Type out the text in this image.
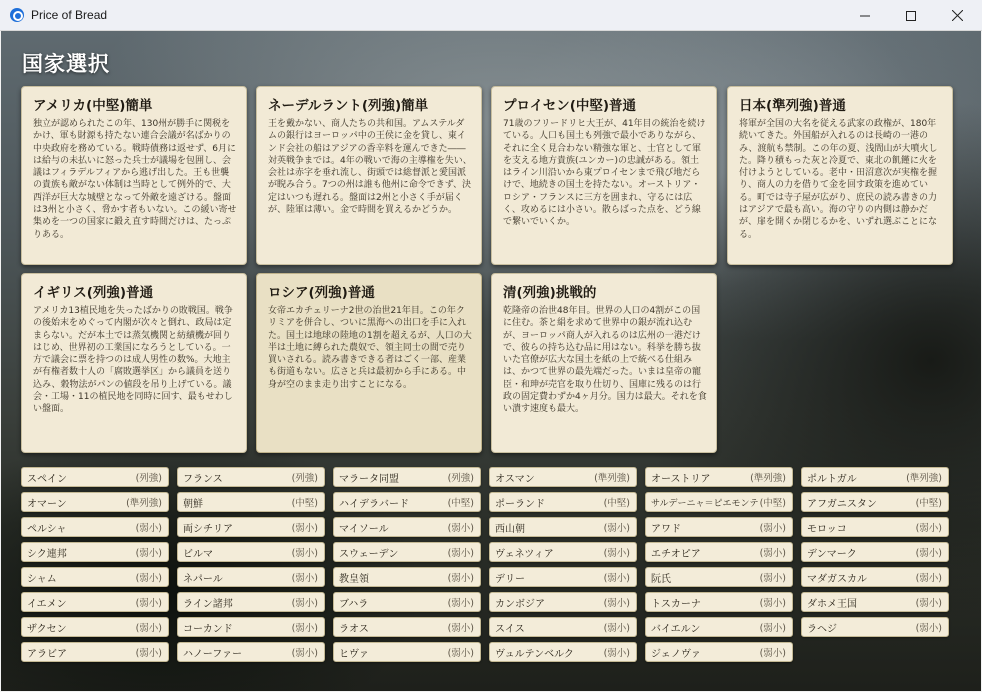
Price of Bread
国家選択
アメリカ(中堅)簡単
独立が認められたこの年、130州が勝手に関税をかけ、軍も財源も持たない連合会議が名ばかりの中央政府を務めている。戦時債務は返せず、6月には給与の未払いに怒った兵士が議場を包囲し、会議はフィラデルフィアから逃げ出した。王も世襲の貴族も敵がない体制は当時として例外的で、大西洋が巨大な城壁となって外敵を遠ざける。盤面は3州と小さく、脅かす者もいない。この緩い寄せ集めを一つの国家に鍛え直す時間だけは、たっぷりある。
ネーデルラント(列強)簡単
王を戴かない、商人たちの共和国。アムステルダムの銀行はヨーロッパ中の王侯に金を貸し、東インド会社の船はアジアの香辛料を運んできた――対英戦争までは。4年の戦いで海の主導権を失い、会社は赤字を垂れ流し、街頭では総督派と愛国派が睨み合う。7つの州は誰も他州に命令できず、決定はいつも遅れる。盤面は2州と小さく手が届くが、陸軍は薄い。金で時間を買えるかどうか。
プロイセン(中堅)普通
71歳のフリードリヒ大王が、41年目の統治を続けている。人口も国土も列強で最小でありながら、それに全く見合わない精強な軍と、士官として軍を支える地方貴族(ユンカー)の忠誠がある。領土はライン川沿いから東プロイセンまで飛び地だらけで、地続きの国土を持たない。オーストリア・ロシア・フランスに三方を囲まれ、守るには広く、攻めるには小さい。散らばった点を、どう線で繋いでいくか。
日本(準列強)普通
将軍が全国の大名を従える武家の政権が、180年続いてきた。外国船が入れるのは長崎の一港のみ、渡航も禁制。この年の夏、浅間山が大噴火した。降り積もった灰と冷夏で、東北の飢饉に火を付けようとしている。老中・田沼意次が実権を握り、商人の力を借りて金を回す政策を進めている。町では寺子屋が広がり、庶民の読み書きの力はアジアで最も高い。海の守りの内側は静かだが、扉を開くか閉じるかを、いずれ選ぶことになる。
イギリス(列強)普通
アメリカ13植民地を失ったばかりの敗戦国。戦争の後始末をめぐって内閣が次々と倒れ、政局は定まらない。だが本土では蒸気機関と紡績機が回りはじめ、世界初の工業国になろうとしている。一方で議会に票を持つのは成人男性の数%。大地主が有権者数十人の「腐敗選挙区」から議員を送り込み、穀物法がパンの値段を吊り上げている。議会・工場・11の植民地を同時に回す、最もせわしい盤面。
ロシア(列強)普通
女帝エカチェリーナ2世の治世21年目。この年クリミアを併合し、ついに黒海への出口を手に入れた。国土は地球の陸地の1割を超えるが、人口の大半は土地に縛られた農奴で、領主同士の間で売り買いされる。読み書きできる者はごく一部、産業も街道もない。広さと兵は最初から手にある。中身が空のまま走り出すことになる。
清(列強)挑戦的
乾隆帝の治世48年目。世界の人口の4割がこの国に住む。茶と絹を求めて世界中の銀が流れ込むが、ヨーロッパ商人が入れるのは広州の一港だけで、彼らの持ち込む品に用はない。科挙を勝ち抜いた官僚が広大な国土を紙の上で統べる仕組みは、かつて世界の最先端だった。いまは皇帝の寵臣・和珅が売官を取り仕切り、国庫に残るのは行政の固定費わずか4ヶ月分。国力は最大。それを食い潰す速度も最大。
スペイン	(列強)
オマーン	(準列強)
ペルシャ	(弱小)
シク連邦	(弱小)
シャム	(弱小)
イエメン	(弱小)
ザクセン	(弱小)
アラビア	(弱小)
フランス	(列強)
朝鮮	(中堅)
両シチリア	(弱小)
ビルマ	(弱小)
ネパール	(弱小)
ライン諸邦	(弱小)
コーカンド	(弱小)
ハノーファー	(弱小)
マラータ同盟	(列強)
ハイデラバード	(中堅)
マイソール	(弱小)
スウェーデン	(弱小)
教皇領	(弱小)
ブハラ	(弱小)
ラオス	(弱小)
ヒヴァ	(弱小)
オスマン	(準列強)
ポーランド	(中堅)
西山朝	(弱小)
ヴェネツィア	(弱小)
デリー	(弱小)
カンボジア	(弱小)
スイス	(弱小)
ヴュルテンベルク	(弱小)
オーストリア	(準列強)
サルデーニャ＝ピエモンテ (中堅)
アワド	(弱小)
エチオピア	(弱小)
阮氏	(弱小)
トスカーナ	(弱小)
バイエルン	(弱小)
ジェノヴァ	(弱小)
ポルトガル	(準列強)
アフガニスタン	(中堅)
モロッコ	(弱小)
デンマーク	(弱小)
マダガスカル	(弱小)
ダホメ王国	(弱小)
ラヘジ	(弱小)
